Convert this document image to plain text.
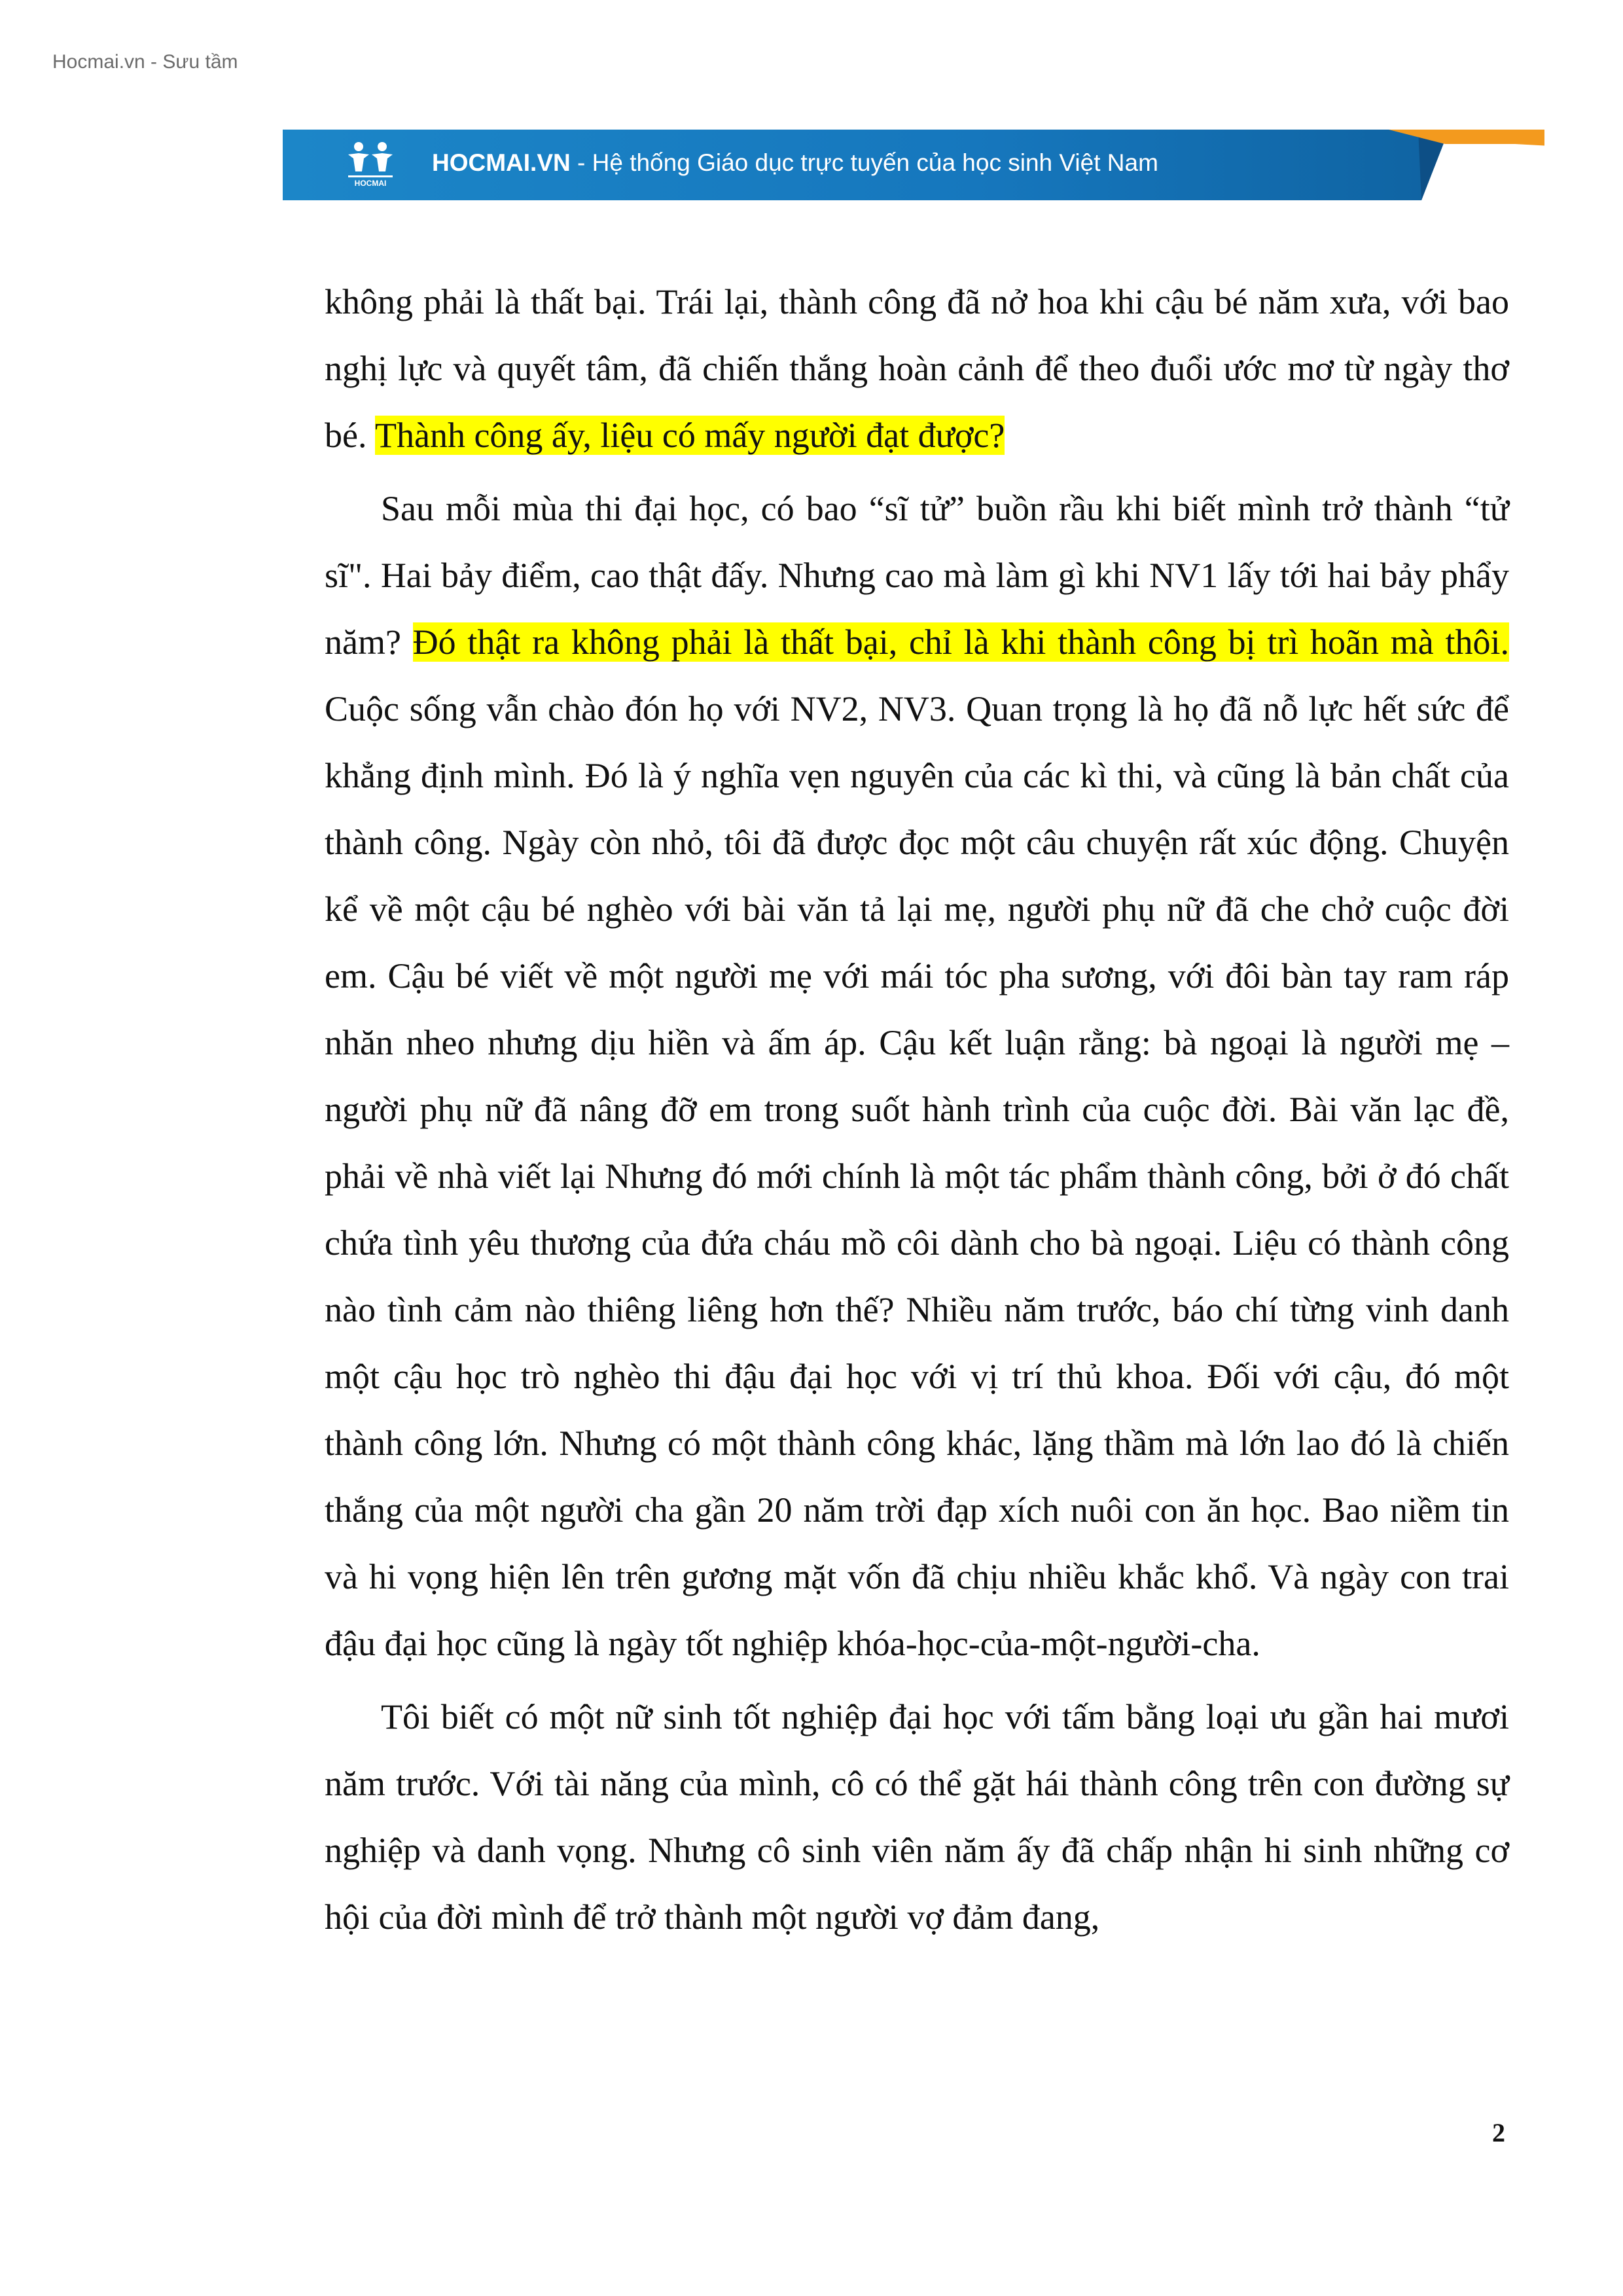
Hocmai.vn - Sưu tầm
HOCMAI
HOCMAI.VN - Hệ thống Giáo dục trực tuyến của học sinh Việt Nam

không phải là thất bại. Trái lại, thành công đã nở hoa khi cậu bé năm xưa, với bao nghị lực và quyết tâm, đã chiến thắng hoàn cảnh để theo đuổi ước mơ từ ngày thơ bé. Thành công ấy, liệu có mấy người đạt được?

Sau mỗi mùa thi đại học, có bao “sĩ tử” buồn rầu khi biết mình trở thành “tử sĩ". Hai bảy điểm, cao thật đấy. Nhưng cao mà làm gì khi NV1 lấy tới hai bảy phẩy năm? Đó thật ra không phải là thất bại, chỉ là khi thành công bị trì hoãn mà thôi. Cuộc sống vẫn chào đón họ với NV2, NV3. Quan trọng là họ đã nỗ lực hết sức để khẳng định mình. Đó là ý nghĩa vẹn nguyên của các kì thi, và cũng là bản chất của thành công. Ngày còn nhỏ, tôi đã được đọc một câu chuyện rất xúc động. Chuyện kể về một cậu bé nghèo với bài văn tả lại mẹ, người phụ nữ đã che chở cuộc đời em. Cậu bé viết về một người mẹ với mái tóc pha sương, với đôi bàn tay ram ráp nhăn nheo nhưng dịu hiền và ấm áp. Cậu kết luận rằng: bà ngoại là người mẹ – người phụ nữ đã nâng đỡ em trong suốt hành trình của cuộc đời. Bài văn lạc đề, phải về nhà viết lại Nhưng đó mới chính là một tác phẩm thành công, bởi ở đó chất chứa tình yêu thương của đứa cháu mồ côi dành cho bà ngoại. Liệu có thành công nào tình cảm nào thiêng liêng hơn thế? Nhiều năm trước, báo chí từng vinh danh một cậu học trò nghèo thi đậu đại học với vị trí thủ khoa. Đối với cậu, đó một thành công lớn. Nhưng có một thành công khác, lặng thầm mà lớn lao đó là chiến thắng của một người cha gần 20 năm trời đạp xích nuôi con ăn học. Bao niềm tin và hi vọng hiện lên trên gương mặt vốn đã chịu nhiều khắc khổ. Và ngày con trai đậu đại học cũng là ngày tốt nghiệp khóa-học-của-một-người-cha.

Tôi biết có một nữ sinh tốt nghiệp đại học với tấm bằng loại ưu gần hai mươi năm trước. Với tài năng của mình, cô có thể gặt hái thành công trên con đường sự nghiệp và danh vọng. Nhưng cô sinh viên năm ấy đã chấp nhận hi sinh những cơ hội của đời mình để trở thành một người vợ đảm đang,

2
